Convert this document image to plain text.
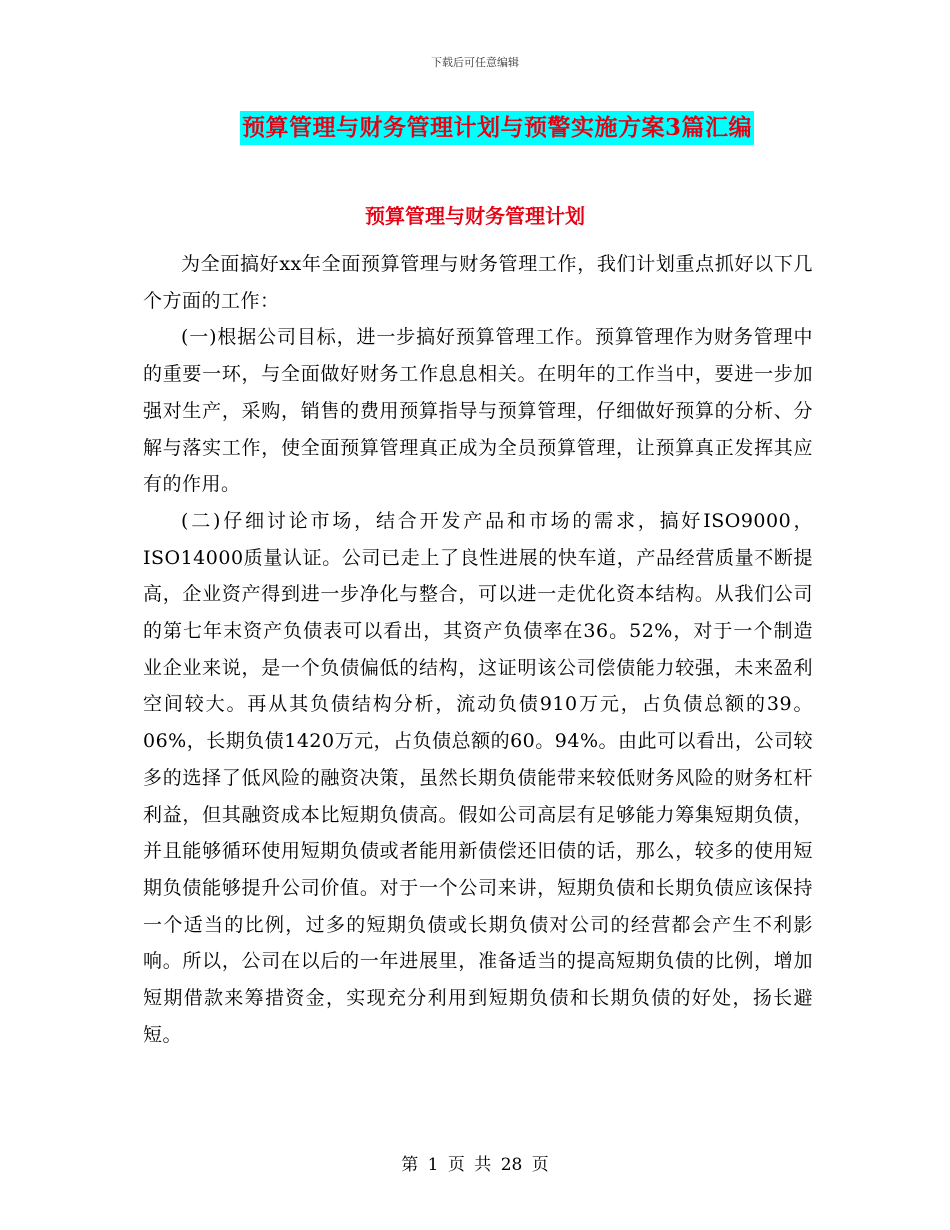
下载后可任意编辑
预算管理与财务管理计划与预警实施方案3篇汇编
预算管理与财务管理计划

为全面搞好xx年全面预算管理与财务管理工作，我们计划重点抓好以下几个方面的工作：

(一)根据公司目标，进一步搞好预算管理工作。预算管理作为财务管理中的重要一环，与全面做好财务工作息息相关。在明年的工作当中，要进一步加强对生产，采购，销售的费用预算指导与预算管理，仔细做好预算的分析、分解与落实工作，使全面预算管理真正成为全员预算管理，让预算真正发挥其应有的作用。

(二)仔细讨论市场，结合开发产品和市场的需求，搞好ISO9000，ISO14000质量认证。公司已走上了良性进展的快车道，产品经营质量不断提高，企业资产得到进一步净化与整合，可以进一走优化资本结构。从我们公司的第七年末资产负债表可以看出，其资产负债率在36。52%，对于一个制造业企业来说，是一个负债偏低的结构，这证明该公司偿债能力较强，未来盈利空间较大。再从其负债结构分析，流动负债910万元，占负债总额的39。06%，长期负债1420万元，占负债总额的60。94%。由此可以看出，公司较多的选择了低风险的融资决策，虽然长期负债能带来较低财务风险的财务杠杆利益，但其融资成本比短期负债高。假如公司高层有足够能力筹集短期负债，并且能够循环使用短期负债或者能用新债偿还旧债的话，那么，较多的使用短期负债能够提升公司价值。对于一个公司来讲，短期负债和长期负债应该保持一个适当的比例，过多的短期负债或长期负债对公司的经营都会产生不利影响。所以，公司在以后的一年进展里，准备适当的提高短期负债的比例，增加短期借款来筹措资金，实现充分利用到短期负债和长期负债的好处，扬长避短。

第 1 页 共 28 页
